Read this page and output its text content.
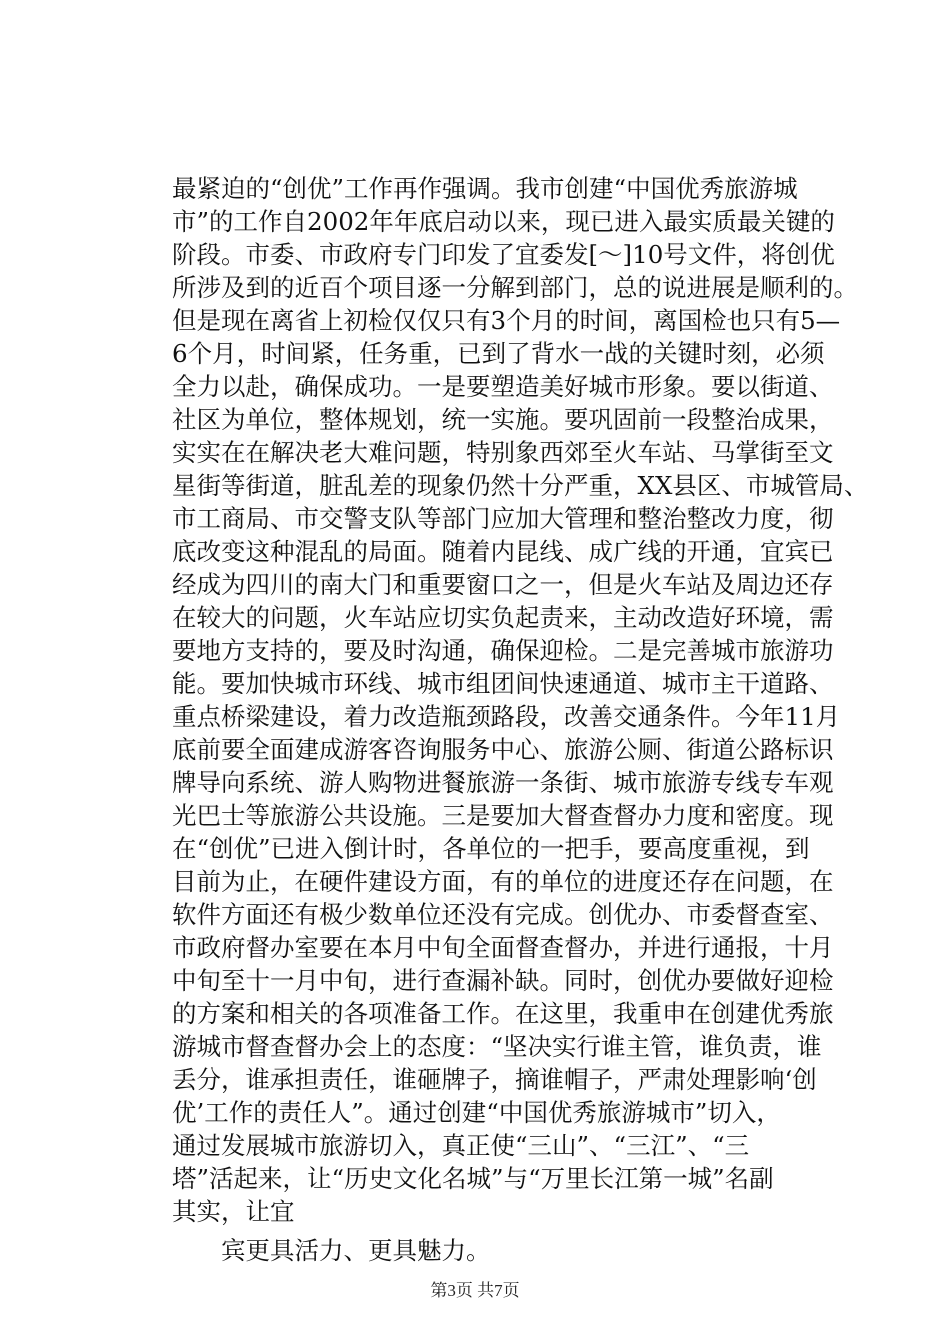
最紧迫的“创优”工作再作强调。我市创建“中国优秀旅游城
市”的工作自2002年年底启动以来，现已进入最实质最关键的
阶段。市委、市政府专门印发了宜委发[～]10号文件，将创优
所涉及到的近百个项目逐一分解到部门，总的说进展是顺利的。
但是现在离省上初检仅仅只有3个月的时间，离国检也只有5—
6个月，时间紧，任务重，已到了背水一战的关键时刻，必须
全力以赴，确保成功。一是要塑造美好城市形象。要以街道、
社区为单位，整体规划，统一实施。要巩固前一段整治成果，
实实在在解决老大难问题，特别象西郊至火车站、马掌街至文
星街等街道，脏乱差的现象仍然十分严重，XX县区、市城管局、
市工商局、市交警支队等部门应加大管理和整治整改力度，彻
底改变这种混乱的局面。随着内昆线、成广线的开通，宜宾已
经成为四川的南大门和重要窗口之一，但是火车站及周边还存
在较大的问题，火车站应切实负起责来，主动改造好环境，需
要地方支持的，要及时沟通，确保迎检。二是完善城市旅游功
能。要加快城市环线、城市组团间快速通道、城市主干道路、
重点桥梁建设，着力改造瓶颈路段，改善交通条件。今年11月
底前要全面建成游客咨询服务中心、旅游公厕、街道公路标识
牌导向系统、游人购物进餐旅游一条街、城市旅游专线专车观
光巴士等旅游公共设施。三是要加大督查督办力度和密度。现
在“创优”已进入倒计时，各单位的一把手，要高度重视，到
目前为止，在硬件建设方面，有的单位的进度还存在问题，在
软件方面还有极少数单位还没有完成。创优办、市委督查室、
市政府督办室要在本月中旬全面督查督办，并进行通报，十月
中旬至十一月中旬，进行查漏补缺。同时，创优办要做好迎检
的方案和相关的各项准备工作。在这里，我重申在创建优秀旅
游城市督查督办会上的态度：“坚决实行谁主管，谁负责，谁
丢分，谁承担责任，谁砸牌子，摘谁帽子，严肃处理影响‘创
优’工作的责任人”。通过创建“中国优秀旅游城市”切入，
通过发展城市旅游切入，真正使“三山”、“三江”、“三
塔”活起来，让“历史文化名城”与“万里长江第一城”名副
其实，让宜
宾更具活力、更具魅力。
第3页 共7页
